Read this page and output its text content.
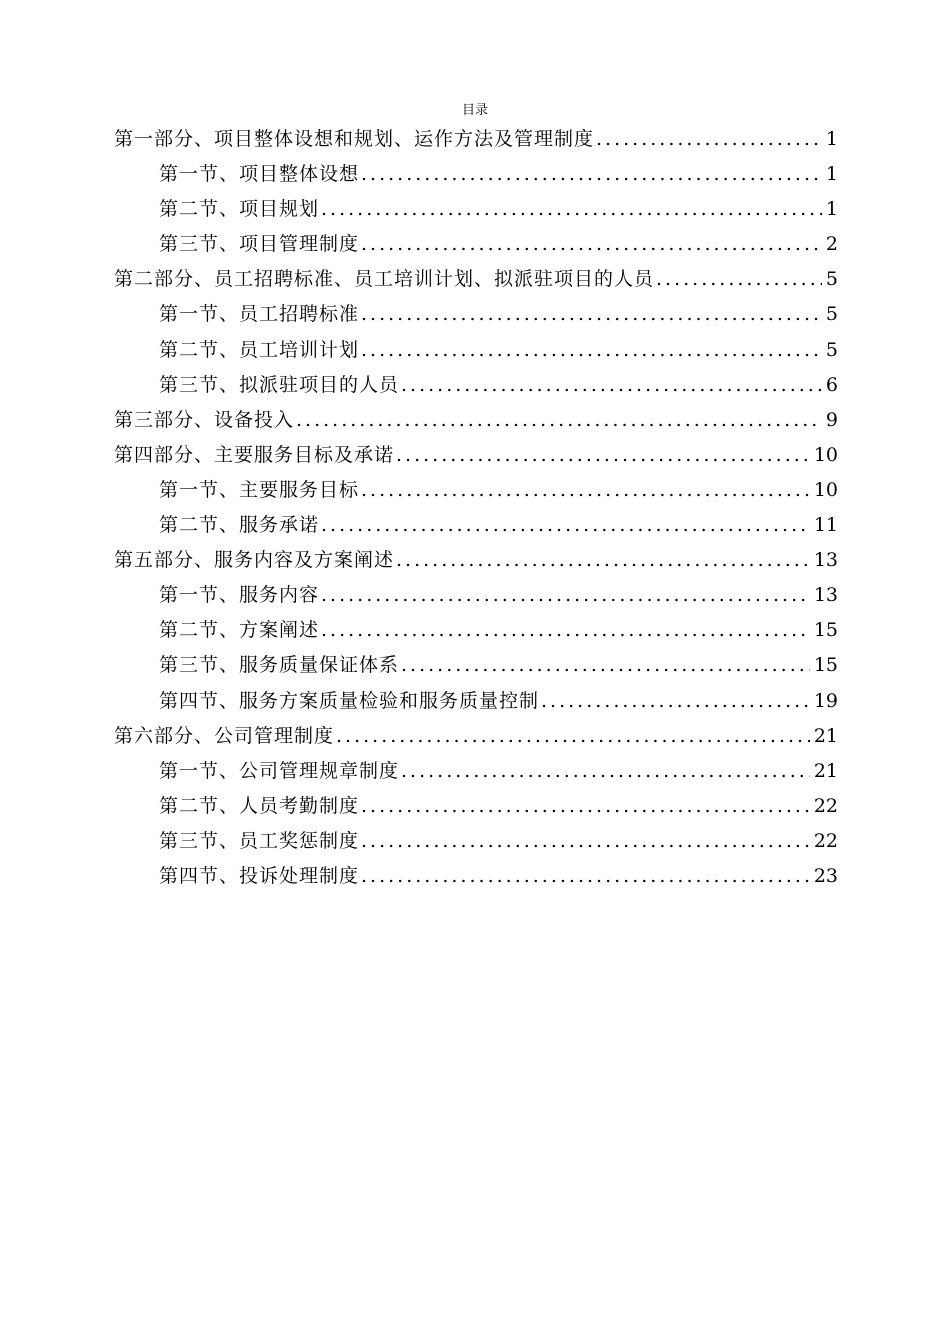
目录
第一部分、项目整体设想和规划、运作方法及管理制度 .....	1
第一节、项目整体设想 .....	1
第二节、项目规划 .....	1
第三节、项目管理制度 .....	2
第二部分、员工招聘标准、员工培训计划、拟派驻项目的人员 .....	5
第一节、员工招聘标准 .....	5
第二节、员工培训计划 .....	5
第三节、拟派驻项目的人员 .....	6
第三部分、设备投入 .....	9
第四部分、主要服务目标及承诺 .....	10
第一节、主要服务目标 .....	10
第二节、服务承诺 .....	11
第五部分、服务内容及方案阐述 .....	13
第一节、服务内容 .....	13
第二节、方案阐述 .....	15
第三节、服务质量保证体系 .....	15
第四节、服务方案质量检验和服务质量控制 .....	19
第六部分、公司管理制度 .....	21
第一节、公司管理规章制度 .....	21
第二节、人员考勤制度 .....	22
第三节、员工奖惩制度 .....	22
第四节、投诉处理制度 .....	23
